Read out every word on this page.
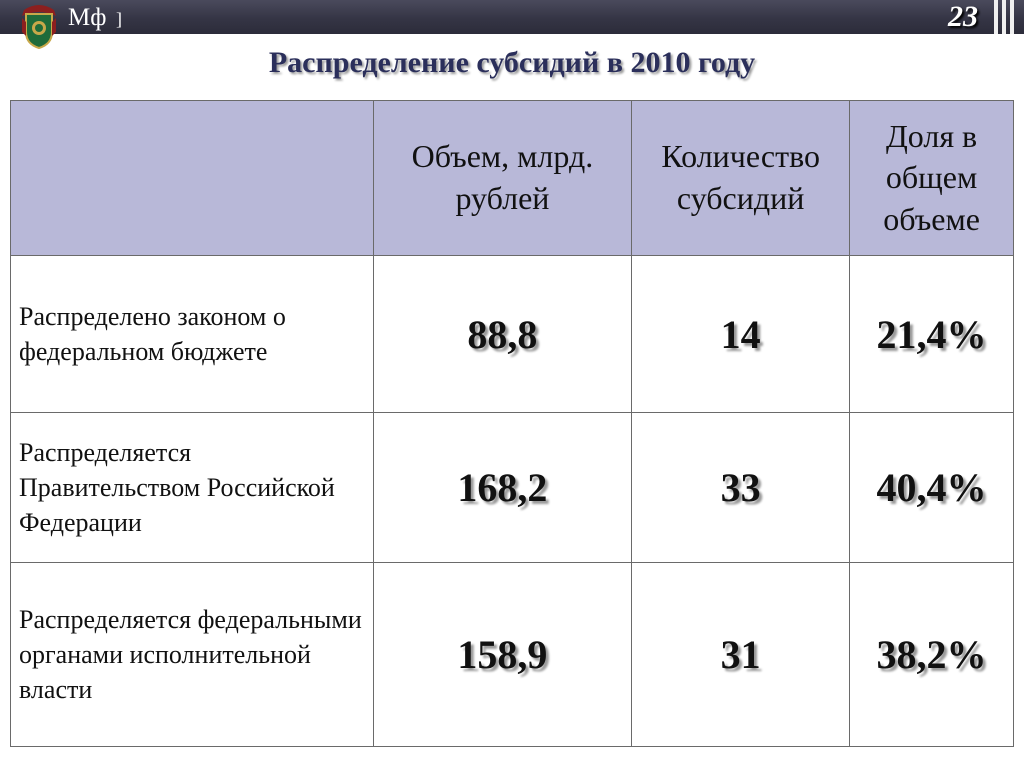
Мф ]	23
Распределение субсидий в 2010 году
	Объем, млрд. рублей	Количество субсидий	Доля в общем объеме
Распределено законом о федеральном бюджете	88,8	14	21,4%
Распределяется Правительством Российской Федерации	168,2	33	40,4%
Распределяется федеральными органами исполнительной власти	158,9	31	38,2%
